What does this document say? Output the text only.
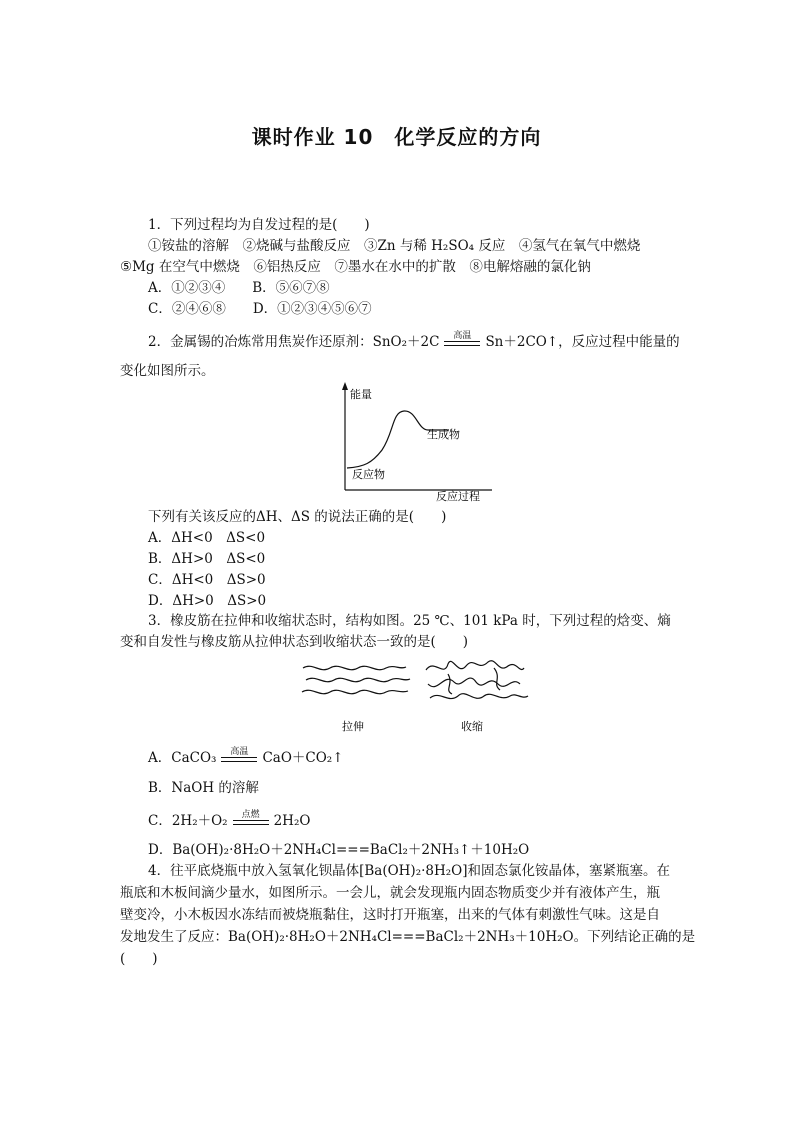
课时作业 10　化学反应的方向
1．下列过程均为自发过程的是(　　)
①铵盐的溶解　②烧碱与盐酸反应　③Zn 与稀 H₂SO₄ 反应　④氢气在氧气中燃烧
⑤Mg 在空气中燃烧　⑥铝热反应　⑦墨水在水中的扩散　⑧电解熔融的氯化钠
A．①②③④　　B．⑤⑥⑦⑧
C．②④⑥⑧　　D．①②③④⑤⑥⑦
2．金属锡的冶炼常用焦炭作还原剂：SnO₂＋2C	高温	Sn＋2CO↑，反应过程中能量的
变化如图所示。
能量
生成物
反应物
反应过程
下列有关该反应的ΔH、ΔS 的说法正确的是(　　)
A．ΔH<0　ΔS<0
B．ΔH>0　ΔS<0
C．ΔH<0　ΔS>0
D．ΔH>0　ΔS>0
3．橡皮筋在拉伸和收缩状态时，结构如图。25 ℃、101 kPa 时，下列过程的焓变、熵
变和自发性与橡皮筋从拉伸状态到收缩状态一致的是(　　)
拉伸	收缩
A．CaCO₃	高温	CaO＋CO₂↑
B．NaOH 的溶解
C．2H₂＋O₂	点燃	2H₂O
D．Ba(OH)₂·8H₂O＋2NH₄Cl===BaCl₂＋2NH₃↑＋10H₂O
4．往平底烧瓶中放入氢氧化钡晶体[Ba(OH)₂·8H₂O]和固态氯化铵晶体，塞紧瓶塞。在
瓶底和木板间滴少量水，如图所示。一会儿，就会发现瓶内固态物质变少并有液体产生，瓶
壁变冷，小木板因水冻结而被烧瓶黏住，这时打开瓶塞，出来的气体有刺激性气味。这是自
发地发生了反应：Ba(OH)₂·8H₂O＋2NH₄Cl===BaCl₂＋2NH₃＋10H₂O。下列结论正确的是
(　　)
